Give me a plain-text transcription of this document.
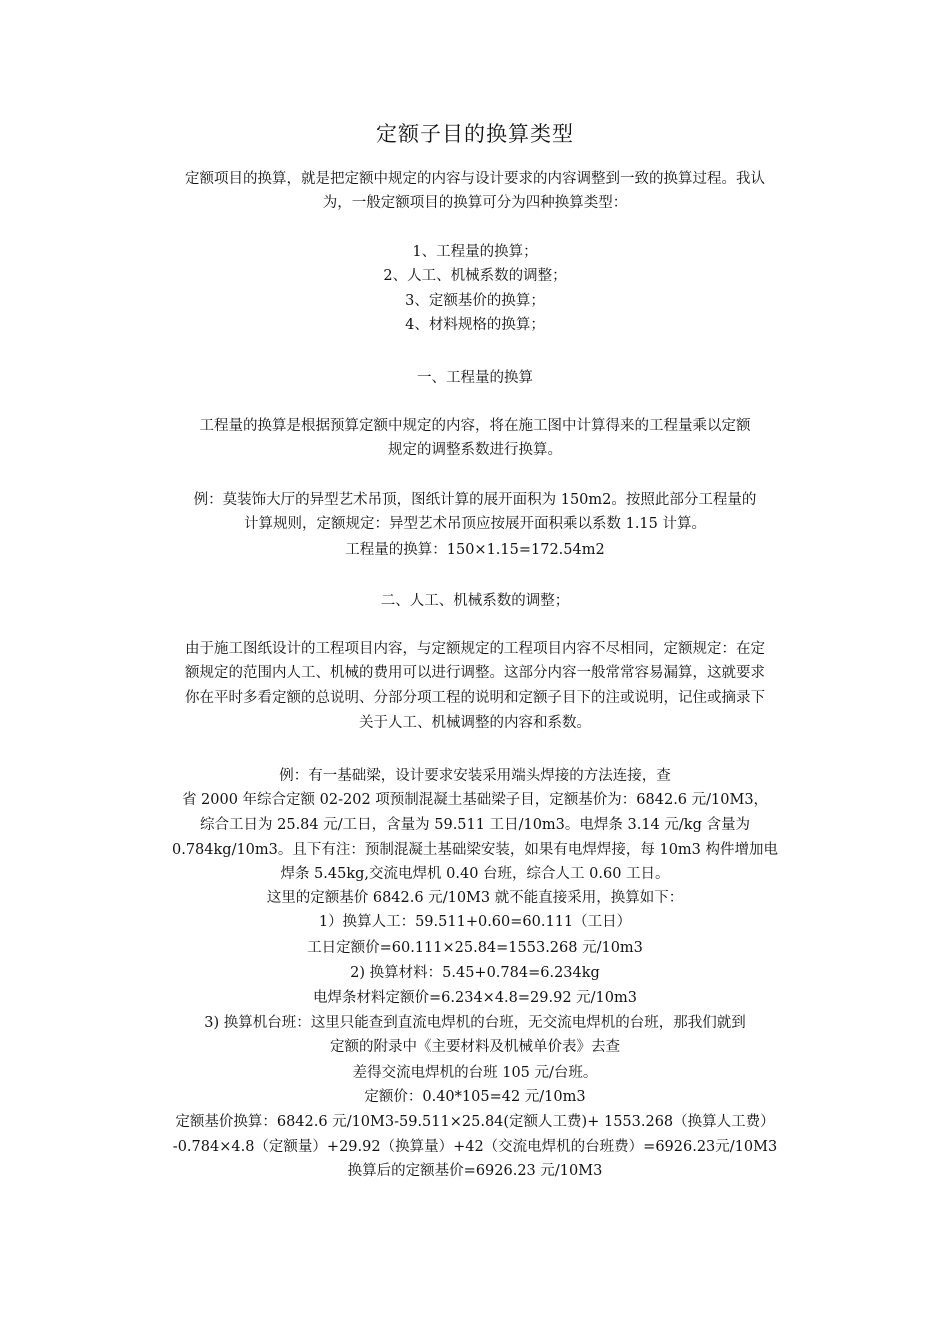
定额子目的换算类型
定额项目的换算，就是把定额中规定的内容与设计要求的内容调整到一致的换算过程。我认
为，一般定额项目的换算可分为四种换算类型：
1、工程量的换算；
2、人工、机械系数的调整；
3、定额基价的换算；
4、材料规格的换算；
一、工程量的换算
工程量的换算是根据预算定额中规定的内容，将在施工图中计算得来的工程量乘以定额
规定的调整系数进行换算。
例：莫装饰大厅的异型艺术吊顶，图纸计算的展开面积为 150m2。按照此部分工程量的
计算规则，定额规定：异型艺术吊顶应按展开面积乘以系数 1.15 计算。
工程量的换算：150×1.15=172.54m2
二、人工、机械系数的调整；
由于施工图纸设计的工程项目内容，与定额规定的工程项目内容不尽相同，定额规定：在定
额规定的范围内人工、机械的费用可以进行调整。这部分内容一般常常容易漏算，这就要求
你在平时多看定额的总说明、分部分项工程的说明和定额子目下的注或说明，记住或摘录下
关于人工、机械调整的内容和系数。
例：有一基础梁，设计要求安装采用端头焊接的方法连接，查
省 2000 年综合定额 02-202 项预制混凝土基础梁子目，定额基价为：6842.6 元/10M3，
综合工日为 25.84 元/工日，含量为 59.511 工日/10m3。电焊条 3.14 元/kg 含量为
0.784kg/10m3。且下有注：预制混凝土基础梁安装，如果有电焊焊接，每 10m3 构件增加电
焊条 5.45kg,交流电焊机 0.40 台班，综合人工 0.60 工日。
这里的定额基价 6842.6 元/10M3 就不能直接采用，换算如下：
1）换算人工：59.511+0.60=60.111（工日）
工日定额价=60.111×25.84=1553.268 元/10m3
2) 换算材料：5.45+0.784=6.234kg
电焊条材料定额价=6.234×4.8=29.92 元/10m3
3) 换算机台班：这里只能查到直流电焊机的台班，无交流电焊机的台班，那我们就到
定额的附录中《主要材料及机械单价表》去查
差得交流电焊机的台班 105 元/台班。
定额价：0.40*105=42 元/10m3
定额基价换算：6842.6 元/10M3-59.511×25.84(定额人工费)+ 1553.268（换算人工费）
-0.784×4.8（定额量）+29.92（换算量）+42（交流电焊机的台班费）=6926.23元/10M3
换算后的定额基价=6926.23 元/10M3
